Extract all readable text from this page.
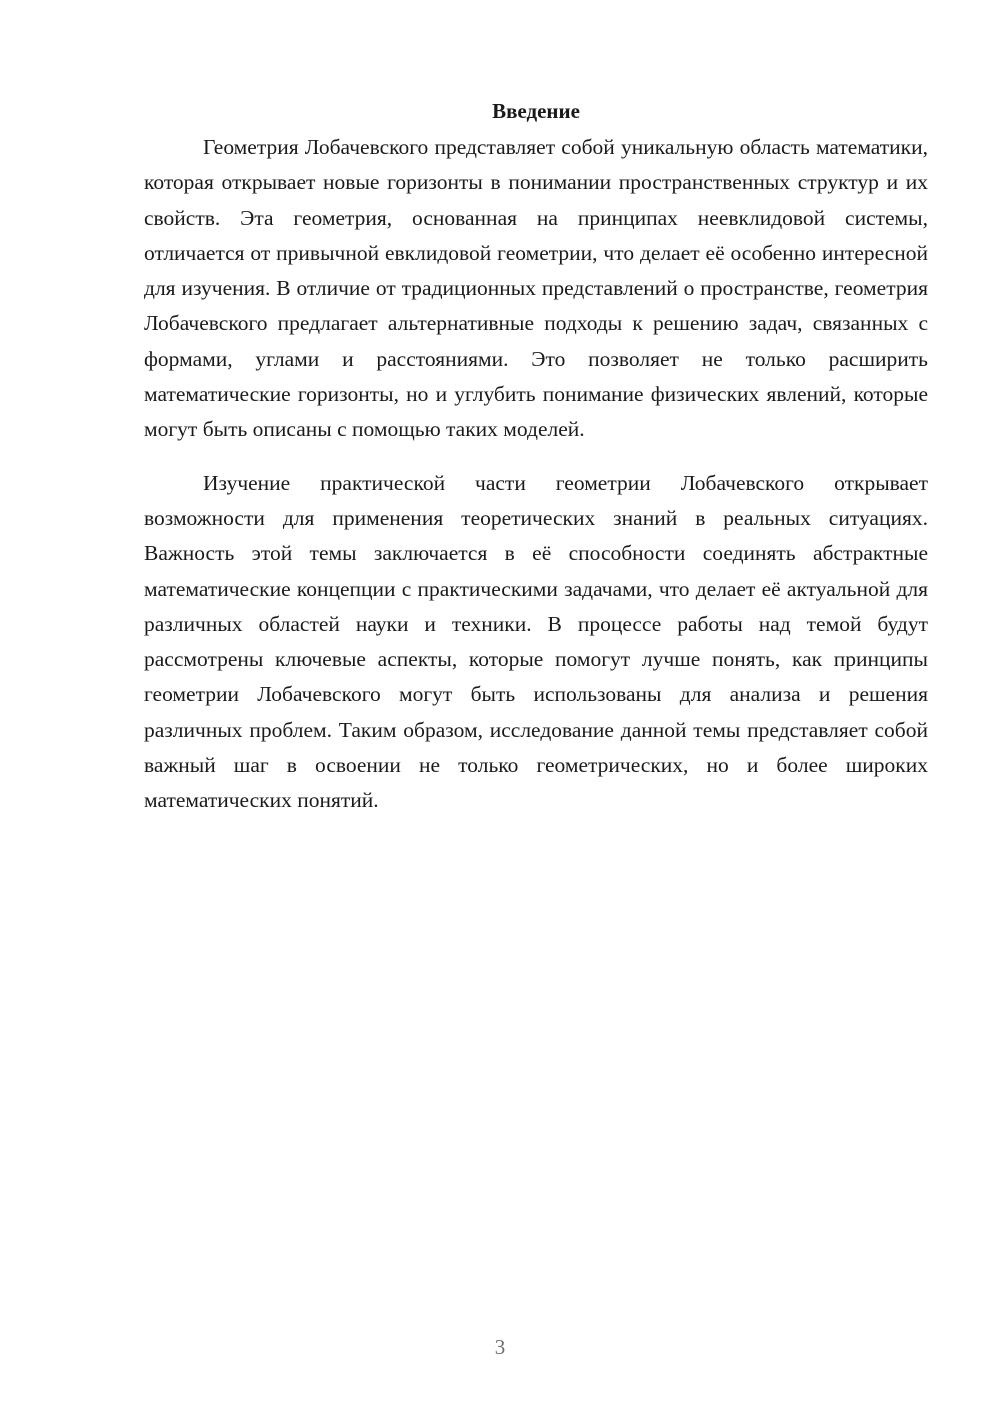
Введение

Геометрия Лобачевского представляет собой уникальную область математики, которая открывает новые горизонты в понимании пространственных структур и их свойств. Эта геометрия, основанная на принципах неевклидовой системы, отличается от привычной евклидовой геометрии, что делает её особенно интересной для изучения. В отличие от традиционных представлений о пространстве, геометрия Лобачевского предлагает альтернативные подходы к решению задач, связанных с формами, углами и расстояниями. Это позволяет не только расширить математические горизонты, но и углубить понимание физических явлений, которые могут быть описаны с помощью таких моделей.

Изучение практической части геометрии Лобачевского открывает возможности для применения теоретических знаний в реальных ситуациях. Важность этой темы заключается в её способности соединять абстрактные математические концепции с практическими задачами, что делает её актуальной для различных областей науки и техники. В процессе работы над темой будут рассмотрены ключевые аспекты, которые помогут лучше понять, как принципы геометрии Лобачевского могут быть использованы для анализа и решения различных проблем. Таким образом, исследование данной темы представляет собой важный шаг в освоении не только геометрических, но и более широких математических понятий.

3
